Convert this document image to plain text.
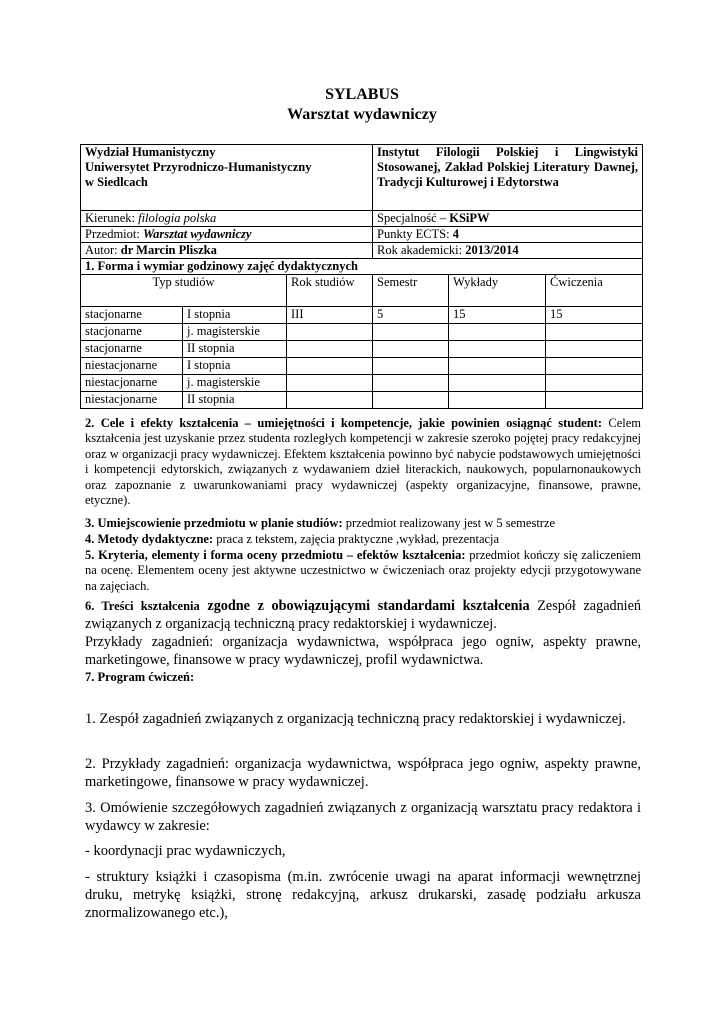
SYLABUS
Warsztat wydawniczy
Wydział Humanistyczny
Uniwersytet Przyrodniczo-Humanistyczny
w Siedlcach			Instytut Filologii Polskiej i Lingwistyki Stosowanej, Zakład Polskiej Literatury Dawnej, Tradycji Kulturowej i Edytorstwa		
Kierunek: filologia polska			Specjalność – KSiPW		
Przedmiot: Warsztat wydawniczy			Punkty ECTS: 4		
Autor: dr Marcin Pliszka			Rok akademicki: 2013/2014		
1. Forma i wymiar godzinowy zajęć dydaktycznych					
Typ studiów		Rok studiów	Semestr	Wykłady	Ćwiczenia
stacjonarne	I stopnia	III	5	15	15
stacjonarne	j. magisterskie				
stacjonarne	II stopnia				
niestacjonarne	I stopnia				
niestacjonarne	j. magisterskie				
niestacjonarne	II stopnia				
2. Cele i efekty kształcenia – umiejętności i kompetencje, jakie powinien osiągnąć student: Celem kształcenia jest uzyskanie przez studenta rozległych kompetencji w zakresie szeroko pojętej pracy redakcyjnej oraz w organizacji pracy wydawniczej. Efektem kształcenia powinno być nabycie podstawowych umiejętności i kompetencji edytorskich, związanych z wydawaniem dzieł literackich, naukowych, popularnonaukowych oraz zapoznanie z uwarunkowaniami pracy wydawniczej (aspekty organizacyjne, finansowe, prawne, etyczne).
3. Umiejscowienie przedmiotu w planie studiów: przedmiot realizowany jest w 5 semestrze
4. Metody dydaktyczne: praca z tekstem, zajęcia praktyczne ,wykład, prezentacja
5. Kryteria, elementy i forma oceny przedmiotu – efektów kształcenia: przedmiot kończy się zaliczeniem na ocenę. Elementem oceny jest aktywne uczestnictwo w ćwiczeniach oraz projekty edycji przygotowywane na zajęciach.

6. Treści kształcenia zgodne z obowiązującymi standardami kształcenia Zespół zagadnień związanych z organizacją techniczną pracy redaktorskiej i wydawniczej.

Przykłady zagadnień: organizacja wydawnictwa, współpraca jego ogniw, aspekty prawne, marketingowe, finansowe w pracy wydawniczej, profil wydawnictwa.

7. Program ćwiczeń:
1. Zespół zagadnień związanych z organizacją techniczną pracy redaktorskiej i wydawniczej.
2. Przykłady zagadnień: organizacja wydawnictwa, współpraca jego ogniw, aspekty prawne, marketingowe, finansowe w pracy wydawniczej.
3. Omówienie szczegółowych zagadnień związanych z organizacją warsztatu pracy redaktora i wydawcy w zakresie:
- koordynacji prac wydawniczych,
- struktury książki i czasopisma (m.in. zwrócenie uwagi na aparat informacji wewnętrznej druku, metrykę książki, stronę redakcyjną, arkusz drukarski, zasadę podziału arkusza znormalizowanego etc.),
